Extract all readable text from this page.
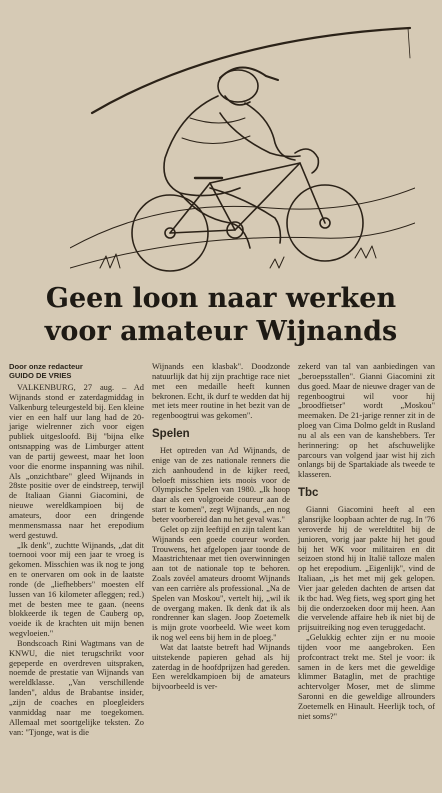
Geen loon naar werken
voor amateur Wijnands
Door onze redacteur
GUIDO DE VRIES

VALKENBURG, 27 aug. – Ad Wijnands stond er zaterdagmiddag in Valkenburg teleurgesteld bij. Een kleine vier en een half uur lang had de 20-jarige wielrenner zich voor eigen publiek uitgesloofd. Bij "bijna elke ontsnapping was de Limburger attent van de partij geweest, maar het loon voor die enorme inspanning was nihil. Als „onzichtbare" gleed Wijnands in 28ste positie over de eindstreep, terwijl de Italiaan Gianni Giacomini, de nieuwe wereldkampioen bij de amateurs, door een dringende menmensmassa naar het erepodium werd gestuwd.

„Ik denk", zuchtte Wijnands, „dat dit toernooi voor mij een jaar te vroeg is gekomen. Misschien was ik nog te jong en te onervaren om ook in de laatste ronde (de „liefhebbers" moesten elf lussen van 16 kilometer afleggen; red.) met de besten mee te gaan. (neens blokkeerde ik tegen de Cauberg op, voeide ik de krachten uit mijn benen wegvloeien."

Bondscoach Rini Wagtmans van de KNWU, die niet terugschrikt voor gepeperde en overdreven uitspraken, noemde de prestatie van Wijnands van wereldklasse. „Van verschillende landen", aldus de Brabantse insider, „zijn de coaches en ploegleiders vanmiddag naar me toegekomen. Allemaal met soortgelijke teksten. Zo van: "Tjonge, wat is die

Wijnands een klasbak". Doodzonde natuurlijk dat hij zijn prachtige race niet met een medaille heeft kunnen bekronen. Echt, ik durf te wedden dat hij met iets meer routine in het bezit van de regenboogtrui was gekomen".

Spelen

Het optreden van Ad Wijnands, de enige van de zes nationale renners die zich aanhoudend in de kijker reed, beloeft misschien iets moois voor de Olympische Spelen van 1980. „Ik hoop daar als een volgroeide coureur aan de start te komen", zegt Wijnands, „en nog beter voorbereid dan nu het geval was."

Gelet op zijn leeftijd en zijn talent kan Wijnands een goede coureur worden. Trouwens, het afgelopen jaar toonde de Maastrichtenaar met tien overwinningen aan tot de nationale top te behoren. Zoals zovéel amateurs droomt Wijnands van een carrière als professional. „Na de Spelen van Moskou", vertelt hij, „wil ik de overgang maken. Ik denk dat ik als rondrenner kan slagen. Joop Zoetemelk is mijn grote voorbeeld. Wie weet kom ik nog wel eens bij hem in de ploeg."

Wat dat laatste betreft had Wijnands uitstekende papieren gehad als hij zaterdag in de hoofdprijzen had gereden. Een wereldkampioen bij de amateurs bijvoorbeeld is ver-

zekerd van tal van aanbiedingen van „beroepsstallen". Gianni Giacomini zit dus goed. Maar de nieuwe drager van de regenboogtrui wil voor hij „broodfietser" wordt „Moskou" meemaken. De 21-jarige renner zit in de ploeg van Cima Dolmo geldt in Rusland nu al als een van de kanshebbers. Ter herinnering: op het afschuwelijke parcours van volgend jaar wist hij zich onlangs bij de Spartakiade als tweede te klasseren.

Tbc

Gianni Giacomini heeft al een glansrijke loopbaan achter de rug. In '76 veroverde hij de wereldtitel bij de junioren, vorig jaar pakte hij het goud bij het WK voor militairen en dit seizoen stond hij in Italië talloze malen op het erepodium. „Eigenlijk", vind de Italiaan, „is het met mij gek gelopen. Vier jaar geleden dachten de artsen dat ik tbc had. Weg fiets, weg sport ging het bij die onderzoeken door mij heen. Aan die vervelende affaire heb ik niet bij de prijsuitreiking nog even teruggedacht.

„Gelukkig echter zijn er nu mooie tijden voor me aangebroken. Een profcontract trekt me. Stel je voor: ik samen in de kers met die geweldige klimmer Bataglin, met de prachtige achtervolger Moser, met de slimme Saronni en die geweldige allrounders Zoetemelk en Hinault. Heerlijk toch, of niet soms?"
